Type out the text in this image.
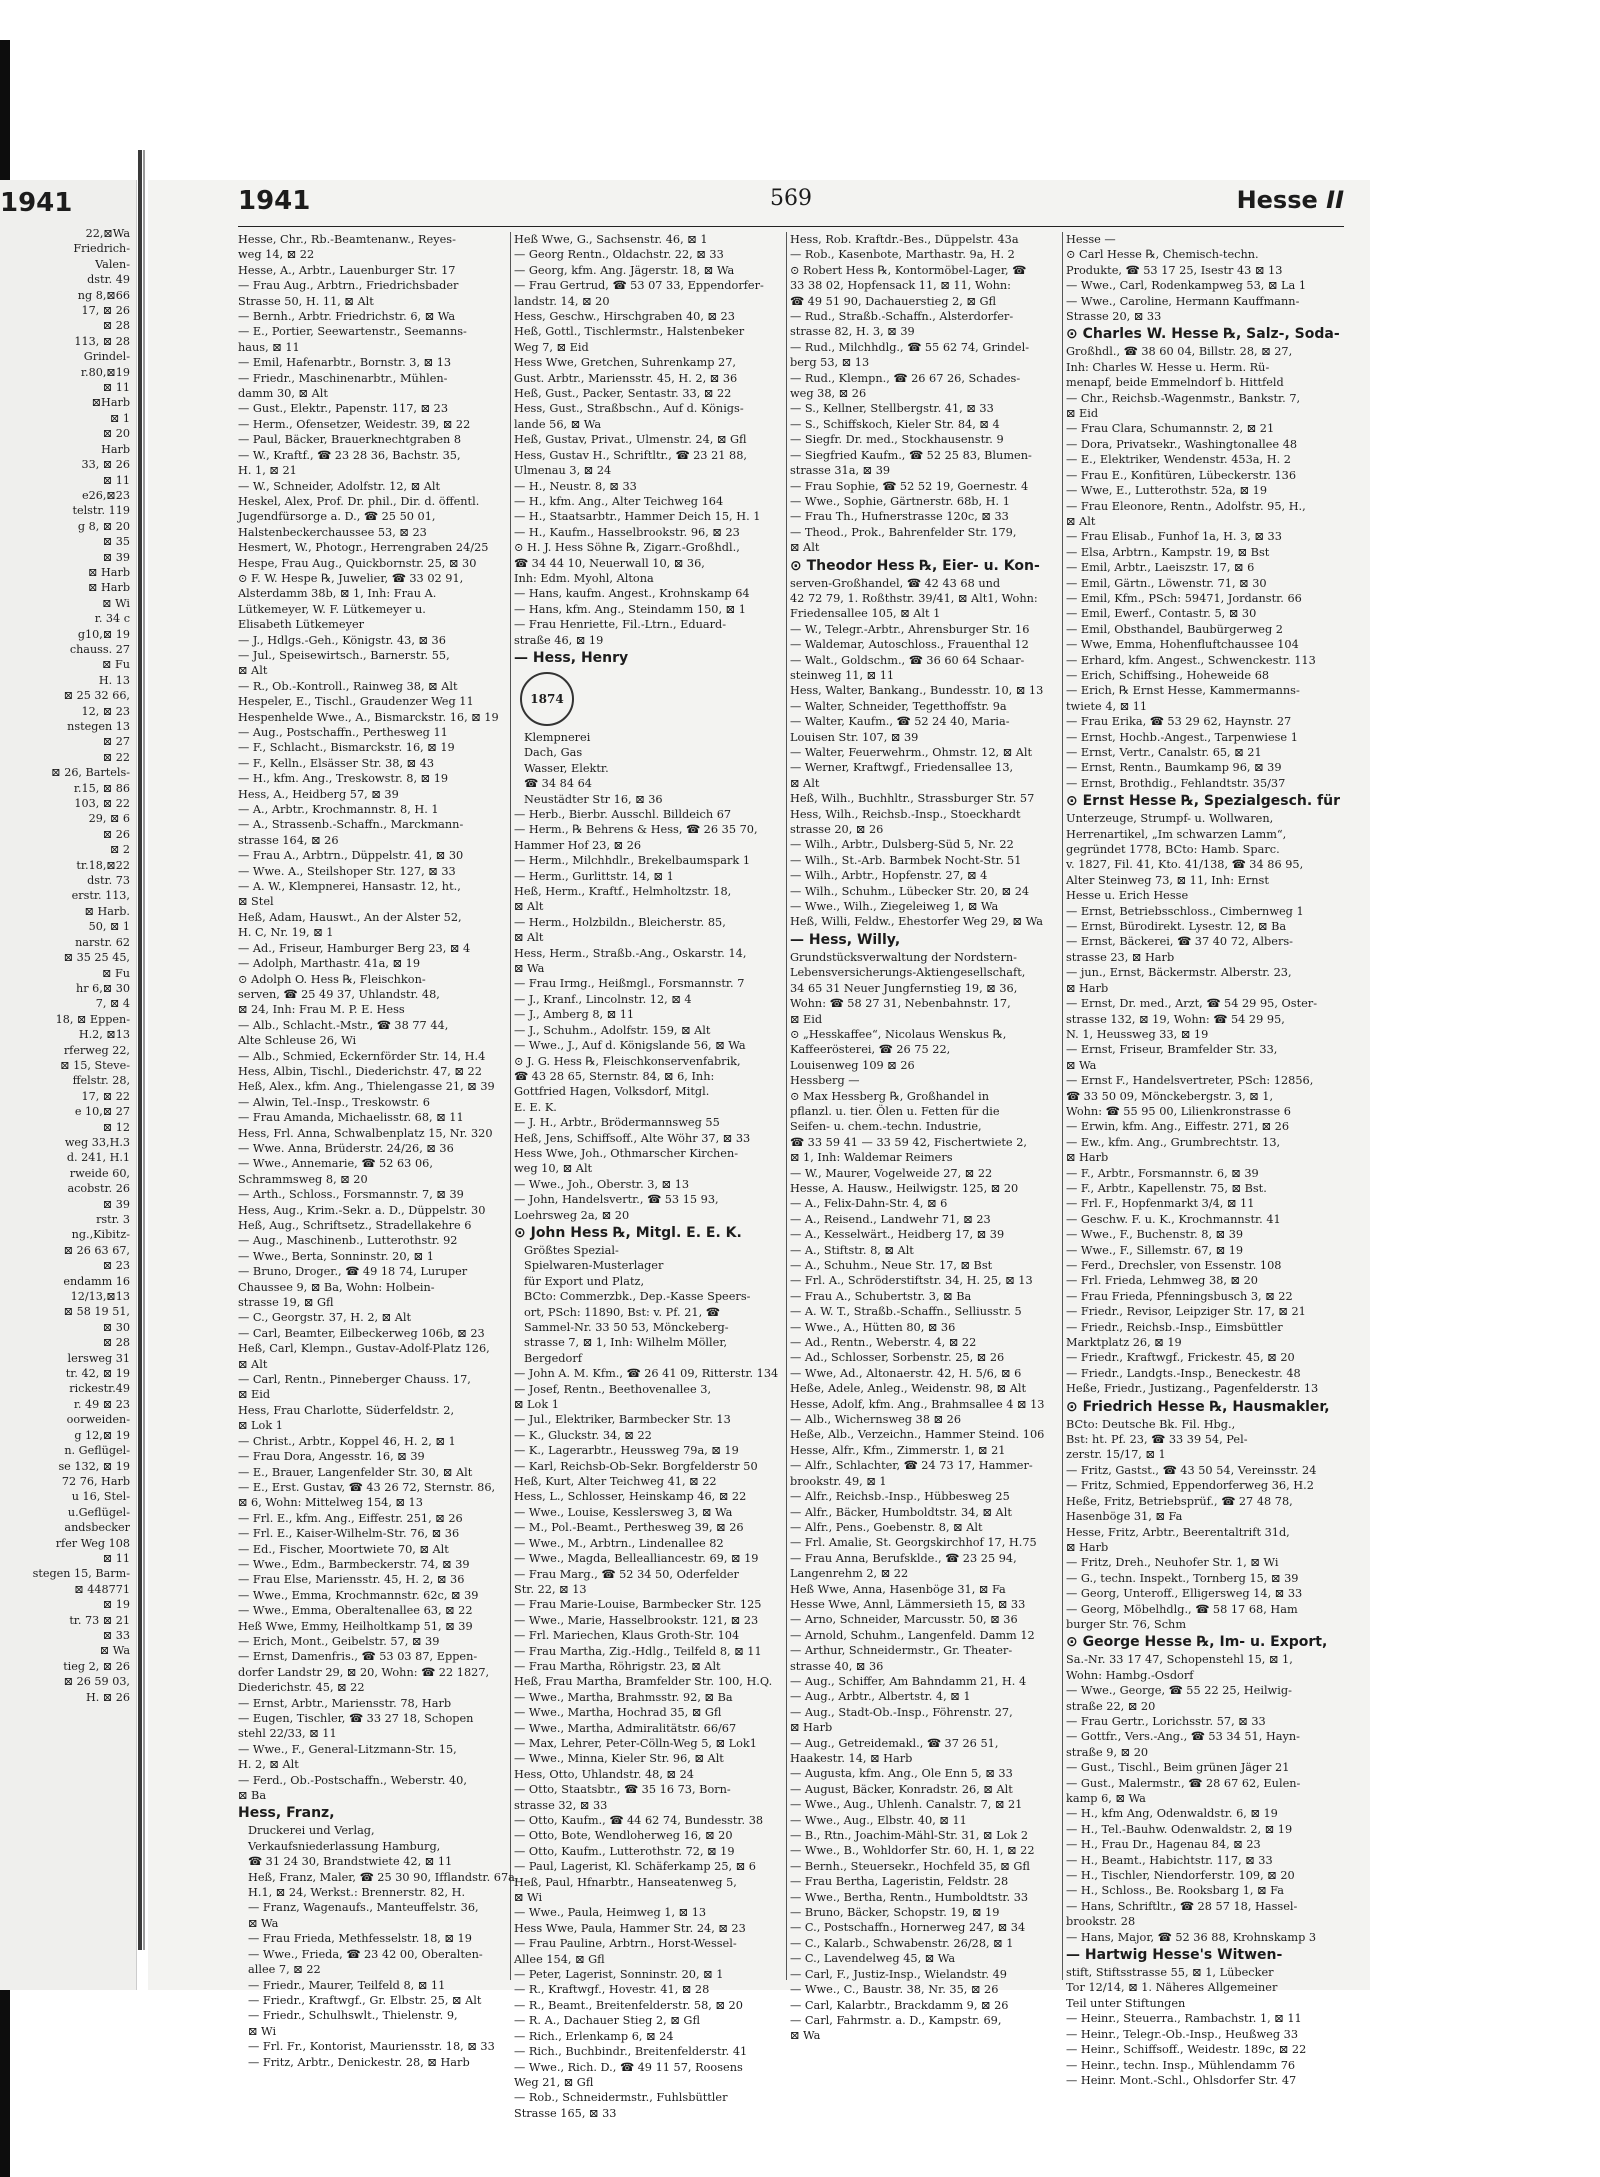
1941
22,⊠Wa
Friedrich-
Valen-
dstr. 49
ng 8,⊠66
17, ⊠ 26
⊠ 28
113, ⊠ 28
Grindel-
r.80,⊠19
⊠ 11
⊠Harb
⊠ 1
⊠ 20
Harb
33, ⊠ 26
⊠ 11
e26,⊠23
telstr. 119
g 8, ⊠ 20
⊠ 35
⊠ 39
⊠ Harb
⊠ Harb
⊠ Wi
r. 34 c
g10,⊠ 19
chauss. 27
⊠ Fu
H. 13
⊠ 25 32 66,
12, ⊠ 23
nstegen 13
⊠ 27
⊠ 22
⊠ 26, Bartels-
r.15, ⊠ 86
103, ⊠ 22
29, ⊠ 6
⊠ 26
⊠ 2
tr.18,⊠22
dstr. 73
erstr. 113,
⊠ Harb.
50, ⊠ 1
narstr. 62
⊠ 35 25 45,
⊠ Fu
hr 6,⊠ 30
7, ⊠ 4
18, ⊠ Eppen-
H.2, ⊠13
rferweg 22,
⊠ 15, Steve-
ffelstr. 28,
17, ⊠ 22
e 10,⊠ 27
⊠ 12
weg 33,H.3
d. 241, H.1
rweide 60,
acobstr. 26
⊠ 39
rstr. 3
ng.,Kibitz-
⊠ 26 63 67,
⊠ 23
endamm 16
12/13,⊠13
⊠ 58 19 51,
⊠ 30
⊠ 28
lersweg 31
tr. 42, ⊠ 19
rickestr.49
r. 49 ⊠ 23
oorweiden-
g 12,⊠ 19
n. Geflügel-
se 132, ⊠ 19
72 76, Harb
u 16, Stel-
u.Geflügel-
andsbecker
rfer Weg 108
⊠ 11
stegen 15, Barm-
⊠ 448771
⊠ 19
tr. 73 ⊠ 21
⊠ 33
⊠ Wa
tieg 2, ⊠ 26
⊠ 26 59 03,
H. ⊠ 26
1941	569	Hesse II
Hesse, Chr., Rb.-Beamtenanw., Reyes-
weg 14, ⊠ 22
Hesse, A., Arbtr., Lauenburger Str. 17
— Frau Aug., Arbtrn., Friedrichsbader
Strasse 50, H. 11, ⊠ Alt
— Bernh., Arbtr. Friedrichstr. 6, ⊠ Wa
— E., Portier, Seewartenstr., Seemanns-
haus, ⊠ 11
— Emil, Hafenarbtr., Bornstr. 3, ⊠ 13
— Friedr., Maschinenarbtr., Mühlen-
damm 30, ⊠ Alt
— Gust., Elektr., Papenstr. 117, ⊠ 23
— Herm., Ofensetzer, Weidestr. 39, ⊠ 22
— Paul, Bäcker, Brauerknechtgraben 8
— W., Kraftf., ☎ 23 28 36, Bachstr. 35,
H. 1, ⊠ 21
— W., Schneider, Adolfstr. 12, ⊠ Alt
Heskel, Alex, Prof. Dr. phil., Dir. d. öffentl.
Jugendfürsorge a. D., ☎ 25 50 01,
Halstenbeckerchaussee 53, ⊠ 23
Hesmert, W., Photogr., Herrengraben 24/25
Hespe, Frau Aug., Quickbornstr. 25, ⊠ 30
⊙ F. W. Hespe ℞, Juwelier, ☎ 33 02 91,
Alsterdamm 38b, ⊠ 1, Inh: Frau A.
Lütkemeyer, W. F. Lütkemeyer u.
Elisabeth Lütkemeyer
— J., Hdlgs.-Geh., Königstr. 43, ⊠ 36
— Jul., Speisewirtsch., Barnerstr. 55,
⊠ Alt
— R., Ob.-Kontroll., Rainweg 38, ⊠ Alt
Hespeler, E., Tischl., Graudenzer Weg 11
Hespenhelde Wwe., A., Bismarckstr. 16, ⊠ 19
— Aug., Postschaffn., Perthesweg 11
— F., Schlacht., Bismarckstr. 16, ⊠ 19
— F., Kelln., Elsässer Str. 38, ⊠ 43
— H., kfm. Ang., Treskowstr. 8, ⊠ 19
Hess, A., Heidberg 57, ⊠ 39
— A., Arbtr., Krochmannstr. 8, H. 1
— A., Strassenb.-Schaffn., Marckmann-
strasse 164, ⊠ 26
— Frau A., Arbtrn., Düppelstr. 41, ⊠ 30
— Wwe. A., Steilshoper Str. 127, ⊠ 33
— A. W., Klempnerei, Hansastr. 12, ht.,
⊠ Stel
Heß, Adam, Hauswt., An der Alster 52,
H. C, Nr. 19, ⊠ 1
— Ad., Friseur, Hamburger Berg 23, ⊠ 4
— Adolph, Marthastr. 41a, ⊠ 19
⊙ Adolph O. Hess ℞, Fleischkon-
serven, ☎ 25 49 37, Uhlandstr. 48,
⊠ 24, Inh: Frau M. P. E. Hess
— Alb., Schlacht.-Mstr., ☎ 38 77 44,
Alte Schleuse 26, Wi
— Alb., Schmied, Eckernförder Str. 14, H.4
Hess, Albin, Tischl., Diederichstr. 47, ⊠ 22
Heß, Alex., kfm. Ang., Thielengasse 21, ⊠ 39
— Alwin, Tel.-Insp., Treskowstr. 6
— Frau Amanda, Michaelisstr. 68, ⊠ 11
Hess, Frl. Anna, Schwalbenplatz 15, Nr. 320
— Wwe. Anna, Brüderstr. 24/26, ⊠ 36
— Wwe., Annemarie, ☎ 52 63 06,
Schrammsweg 8, ⊠ 20
— Arth., Schloss., Forsmannstr. 7, ⊠ 39
Hess, Aug., Krim.-Sekr. a. D., Düppelstr. 30
Heß, Aug., Schriftsetz., Stradellakehre 6
— Aug., Maschinenb., Lutterothstr. 92
— Wwe., Berta, Sonninstr. 20, ⊠ 1
— Bruno, Droger., ☎ 49 18 74, Luruper
Chaussee 9, ⊠ Ba, Wohn: Holbein-
strasse 19, ⊠ Gfl
— C., Georgstr. 37, H. 2, ⊠ Alt
— Carl, Beamter, Eilbeckerweg 106b, ⊠ 23
Heß, Carl, Klempn., Gustav-Adolf-Platz 126,
⊠ Alt
— Carl, Rentn., Pinneberger Chauss. 17,
⊠ Eid
Hess, Frau Charlotte, Süderfeldstr. 2,
⊠ Lok 1
— Christ., Arbtr., Koppel 46, H. 2, ⊠ 1
— Frau Dora, Angesstr. 16, ⊠ 39
— E., Brauer, Langenfelder Str. 30, ⊠ Alt
— E., Erst. Gustav, ☎ 43 26 72, Sternstr. 86,
⊠ 6, Wohn: Mittelweg 154, ⊠ 13
— Frl. E., kfm. Ang., Eiffestr. 251, ⊠ 26
— Frl. E., Kaiser-Wilhelm-Str. 76, ⊠ 36
— Ed., Fischer, Moortwiete 70, ⊠ Alt
— Wwe., Edm., Barmbeckerstr. 74, ⊠ 39
— Frau Else, Mariensstr. 45, H. 2, ⊠ 36
— Wwe., Emma, Krochmannstr. 62c, ⊠ 39
— Wwe., Emma, Oberaltenallee 63, ⊠ 22
Heß Wwe, Emmy, Heilholtkamp 51, ⊠ 39
— Erich, Mont., Geibelstr. 57, ⊠ 39
— Ernst, Damenfris., ☎ 53 03 87, Eppen-
dorfer Landstr 29, ⊠ 20, Wohn: ☎ 22 1827,
Diederichstr. 45, ⊠ 22
— Ernst, Arbtr., Mariensstr. 78, Harb
— Eugen, Tischler, ☎ 33 27 18, Schopen
stehl 22/33, ⊠ 11
— Wwe., F., General-Litzmann-Str. 15,
H. 2, ⊠ Alt
— Ferd., Ob.-Postschaffn., Weberstr. 40,
⊠ Ba
Hess, Franz,
Druckerei und Verlag,
Verkaufsniederlassung Hamburg,
☎ 31 24 30, Brandstwiete 42, ⊠ 11
Heß, Franz, Maler, ☎ 25 30 90, Ifflandstr. 67a,
H.1, ⊠ 24, Werkst.: Brennerstr. 82, H.
— Franz, Wagenaufs., Manteuffelstr. 36,
⊠ Wa
— Frau Frieda, Methfesselstr. 18, ⊠ 19
— Wwe., Frieda, ☎ 23 42 00, Oberalten-
allee 7, ⊠ 22
— Friedr., Maurer, Teilfeld 8, ⊠ 11
— Friedr., Kraftwgf., Gr. Elbstr. 25, ⊠ Alt
— Friedr., Schulhswlt., Thielenstr. 9,
⊠ Wi
— Frl. Fr., Kontorist, Mauriensstr. 18, ⊠ 33
— Fritz, Arbtr., Denickestr. 28, ⊠ Harb
Heß Wwe, G., Sachsenstr. 46, ⊠ 1
— Georg Rentn., Oldachstr. 22, ⊠ 33
— Georg, kfm. Ang. Jägerstr. 18, ⊠ Wa
— Frau Gertrud, ☎ 53 07 33, Eppendorfer-
landstr. 14, ⊠ 20
Hess, Geschw., Hirschgraben 40, ⊠ 23
Heß, Gottl., Tischlermstr., Halstenbeker
Weg 7, ⊠ Eid
Hess Wwe, Gretchen, Suhrenkamp 27,
Gust. Arbtr., Mariensstr. 45, H. 2, ⊠ 36
Heß, Gust., Packer, Sentastr. 33, ⊠ 22
Hess, Gust., Straßbschn., Auf d. Königs-
lande 56, ⊠ Wa
Heß, Gustav, Privat., Ulmenstr. 24, ⊠ Gfl
Hess, Gustav H., Schriftltr., ☎ 23 21 88,
Ulmenau 3, ⊠ 24
— H., Neustr. 8, ⊠ 33
— H., kfm. Ang., Alter Teichweg 164
— H., Staatsarbtr., Hammer Deich 15, H. 1
— H., Kaufm., Hasselbrookstr. 96, ⊠ 23
⊙ H. J. Hess Söhne ℞, Zigarr.-Großhdl.,
☎ 34 44 10, Neuerwall 10, ⊠ 36,
Inh: Edm. Myohl, Altona
— Hans, kaufm. Angest., Krohnskamp 64
— Hans, kfm. Ang., Steindamm 150, ⊠ 1
— Frau Henriette, Fil.-Ltrn., Eduard-
straße 46, ⊠ 19
— Hess, Henry
1874
Klempnerei
Dach, Gas
Wasser, Elektr.
☎ 34 84 64
Neustädter Str 16, ⊠ 36
— Herb., Bierbr. Ausschl. Billdeich 67
— Herm., ℞ Behrens & Hess, ☎ 26 35 70,
Hammer Hof 23, ⊠ 26
— Herm., Milchhdlr., Brekelbaumspark 1
— Herm., Gurlittstr. 14, ⊠ 1
Heß, Herm., Kraftf., Helmholtzstr. 18,
⊠ Alt
— Herm., Holzbildn., Bleicherstr. 85,
⊠ Alt
Hess, Herm., Straßb.-Ang., Oskarstr. 14,
⊠ Wa
— Frau Irmg., Heißmgl., Forsmannstr. 7
— J., Kranf., Lincolnstr. 12, ⊠ 4
— J., Amberg 8, ⊠ 11
— J., Schuhm., Adolfstr. 159, ⊠ Alt
— Wwe., J., Auf d. Königslande 56, ⊠ Wa
⊙ J. G. Hess ℞, Fleischkonservenfabrik,
☎ 43 28 65, Sternstr. 84, ⊠ 6, Inh:
Gottfried Hagen, Volksdorf, Mitgl.
E. E. K.
— J. H., Arbtr., Brödermannsweg 55
Heß, Jens, Schiffsoff., Alte Wöhr 37, ⊠ 33
Hess Wwe, Joh., Othmarscher Kirchen-
weg 10, ⊠ Alt
— Wwe., Joh., Oberstr. 3, ⊠ 13
— John, Handelsvertr., ☎ 53 15 93,
Loehrsweg 2a, ⊠ 20
⊙ John Hess ℞, Mitgl. E. E. K.
Größtes Spezial-
Spielwaren-Musterlager
für Export und Platz,
BCto: Commerzbk., Dep.-Kasse Speers-
ort, PSch: 11890, Bst: v. Pf. 21, ☎
Sammel-Nr. 33 50 53, Mönckeberg-
strasse 7, ⊠ 1, Inh: Wilhelm Möller,
Bergedorf
— John A. M. Kfm., ☎ 26 41 09, Ritterstr. 134
— Josef, Rentn., Beethovenallee 3,
⊠ Lok 1
— Jul., Elektriker, Barmbecker Str. 13
— K., Gluckstr. 34, ⊠ 22
— K., Lagerarbtr., Heussweg 79a, ⊠ 19
— Karl, Reichsb-Ob-Sekr. Borgfelderstr 50
Heß, Kurt, Alter Teichweg 41, ⊠ 22
Hess, L., Schlosser, Heinskamp 46, ⊠ 22
— Wwe., Louise, Kesslersweg 3, ⊠ Wa
— M., Pol.-Beamt., Perthesweg 39, ⊠ 26
— Wwe., M., Arbtrn., Lindenallee 82
— Wwe., Magda, Bellealliancestr. 69, ⊠ 19
— Frau Marg., ☎ 52 34 50, Oderfelder
Str. 22, ⊠ 13
— Frau Marie-Louise, Barmbecker Str. 125
— Wwe., Marie, Hasselbrookstr. 121, ⊠ 23
— Frl. Mariechen, Klaus Groth-Str. 104
— Frau Martha, Zig.-Hdlg., Teilfeld 8, ⊠ 11
— Frau Martha, Röhrigstr. 23, ⊠ Alt
Heß, Frau Martha, Bramfelder Str. 100, H.Q.
— Wwe., Martha, Brahmsstr. 92, ⊠ Ba
— Wwe., Martha, Hochrad 35, ⊠ Gfl
— Wwe., Martha, Admiralitätstr. 66/67
— Max, Lehrer, Peter-Cölln-Weg 5, ⊠ Lok1
— Wwe., Minna, Kieler Str. 96, ⊠ Alt
Hess, Otto, Uhlandstr. 48, ⊠ 24
— Otto, Staatsbtr., ☎ 35 16 73, Born-
strasse 32, ⊠ 33
— Otto, Kaufm., ☎ 44 62 74, Bundesstr. 38
— Otto, Bote, Wendloherweg 16, ⊠ 20
— Otto, Kaufm., Lutterothstr. 72, ⊠ 19
— Paul, Lagerist, Kl. Schäferkamp 25, ⊠ 6
Heß, Paul, Hfnarbtr., Hanseatenweg 5,
⊠ Wi
— Wwe., Paula, Heimweg 1, ⊠ 13
Hess Wwe, Paula, Hammer Str. 24, ⊠ 23
— Frau Pauline, Arbtrn., Horst-Wessel-
Allee 154, ⊠ Gfl
— Peter, Lagerist, Sonninstr. 20, ⊠ 1
— R., Kraftwgf., Hovestr. 41, ⊠ 28
— R., Beamt., Breitenfelderstr. 58, ⊠ 20
— R. A., Dachauer Stieg 2, ⊠ Gfl
— Rich., Erlenkamp 6, ⊠ 24
— Rich., Buchbindr., Breitenfelderstr. 41
— Wwe., Rich. D., ☎ 49 11 57, Roosens
Weg 21, ⊠ Gfl
— Rob., Schneidermstr., Fuhlsbüttler
Strasse 165, ⊠ 33
Hess, Rob. Kraftdr.-Bes., Düppelstr. 43a
— Rob., Kasenbote, Marthastr. 9a, H. 2
⊙ Robert Hess ℞, Kontormöbel-Lager, ☎
33 38 02, Hopfensack 11, ⊠ 11, Wohn:
☎ 49 51 90, Dachauerstieg 2, ⊠ Gfl
— Rud., Straßb.-Schaffn., Alsterdorfer-
strasse 82, H. 3, ⊠ 39
— Rud., Milchhdlg., ☎ 55 62 74, Grindel-
berg 53, ⊠ 13
— Rud., Klempn., ☎ 26 67 26, Schades-
weg 38, ⊠ 26
— S., Kellner, Stellbergstr. 41, ⊠ 33
— S., Schiffskoch, Kieler Str. 84, ⊠ 4
— Siegfr. Dr. med., Stockhausenstr. 9
— Siegfried Kaufm., ☎ 52 25 83, Blumen-
strasse 31a, ⊠ 39
— Frau Sophie, ☎ 52 52 19, Goernestr. 4
— Wwe., Sophie, Gärtnerstr. 68b, H. 1
— Frau Th., Hufnerstrasse 120c, ⊠ 33
— Theod., Prok., Bahrenfelder Str. 179,
⊠ Alt
⊙ Theodor Hess ℞, Eier- u. Kon-
serven-Großhandel, ☎ 42 43 68 und
42 72 79, 1. Roßthstr. 39/41, ⊠ Alt1, Wohn:
Friedensallee 105, ⊠ Alt 1
— W., Telegr.-Arbtr., Ahrensburger Str. 16
— Waldemar, Autoschloss., Frauenthal 12
— Walt., Goldschm., ☎ 36 60 64 Schaar-
steinweg 11, ⊠ 11
Hess, Walter, Bankang., Bundesstr. 10, ⊠ 13
— Walter, Schneider, Tegetthoffstr. 9a
— Walter, Kaufm., ☎ 52 24 40, Maria-
Louisen Str. 107, ⊠ 39
— Walter, Feuerwehrm., Ohmstr. 12, ⊠ Alt
— Werner, Kraftwgf., Friedensallee 13,
⊠ Alt
Heß, Wilh., Buchhltr., Strassburger Str. 57
Hess, Wilh., Reichsb.-Insp., Stoeckhardt
strasse 20, ⊠ 26
— Wilh., Arbtr., Dulsberg-Süd 5, Nr. 22
— Wilh., St.-Arb. Barmbek Nocht-Str. 51
— Wilh., Arbtr., Hopfenstr. 27, ⊠ 4
— Wilh., Schuhm., Lübecker Str. 20, ⊠ 24
— Wwe., Wilh., Ziegeleiweg 1, ⊠ Wa
Heß, Willi, Feldw., Ehestorfer Weg 29, ⊠ Wa
— Hess, Willy,
Grundstücksverwaltung der Nordstern-
Lebensversicherungs-Aktiengesellschaft,
34 65 31 Neuer Jungfernstieg 19, ⊠ 36,
Wohn: ☎ 58 27 31, Nebenbahnstr. 17,
⊠ Eid
⊙ „Hesskaffee“, Nicolaus Wenskus ℞,
Kaffeerösterei, ☎ 26 75 22,
Louisenweg 109 ⊠ 26
Hessberg —
⊙ Max Hessberg ℞, Großhandel in
pflanzl. u. tier. Ölen u. Fetten für die
Seifen- u. chem.-techn. Industrie,
☎ 33 59 41 — 33 59 42, Fischertwiete 2,
⊠ 1, Inh: Waldemar Reimers
— W., Maurer, Vogelweide 27, ⊠ 22
Hesse, A. Hausw., Heilwigstr. 125, ⊠ 20
— A., Felix-Dahn-Str. 4, ⊠ 6
— A., Reisend., Landwehr 71, ⊠ 23
— A., Kesselwärt., Heidberg 17, ⊠ 39
— A., Stiftstr. 8, ⊠ Alt
— A., Schuhm., Neue Str. 17, ⊠ Bst
— Frl. A., Schröderstiftstr. 34, H. 25, ⊠ 13
— Frau A., Schubertstr. 3, ⊠ Ba
— A. W. T., Straßb.-Schaffn., Selliusstr. 5
— Wwe., A., Hütten 80, ⊠ 36
— Ad., Rentn., Weberstr. 4, ⊠ 22
— Ad., Schlosser, Sorbenstr. 25, ⊠ 26
— Wwe, Ad., Altonaerstr. 42, H. 5/6, ⊠ 6
Heße, Adele, Anleg., Weidenstr. 98, ⊠ Alt
Hesse, Adolf, kfm. Ang., Brahmsallee 4 ⊠ 13
— Alb., Wichernsweg 38 ⊠ 26
Heße, Alb., Verzeichn., Hammer Steind. 106
Hesse, Alfr., Kfm., Zimmerstr. 1, ⊠ 21
— Alfr., Schlachter, ☎ 24 73 17, Hammer-
brookstr. 49, ⊠ 1
— Alfr., Reichsb.-Insp., Hübbesweg 25
— Alfr., Bäcker, Humboldtstr. 34, ⊠ Alt
— Alfr., Pens., Goebenstr. 8, ⊠ Alt
— Frl. Amalie, St. Georgskirchhof 17, H.75
— Frau Anna, Berufsklde., ☎ 23 25 94,
Langenrehm 2, ⊠ 22
Heß Wwe, Anna, Hasenböge 31, ⊠ Fa
Hesse Wwe, Annl, Lämmersieth 15, ⊠ 33
— Arno, Schneider, Marcusstr. 50, ⊠ 36
— Arnold, Schuhm., Langenfeld. Damm 12
— Arthur, Schneidermstr., Gr. Theater-
strasse 40, ⊠ 36
— Aug., Schiffer, Am Bahndamm 21, H. 4
— Aug., Arbtr., Albertstr. 4, ⊠ 1
— Aug., Stadt-Ob.-Insp., Föhrenstr. 27,
⊠ Harb
— Aug., Getreidemakl., ☎ 37 26 51,
Haakestr. 14, ⊠ Harb
— Augusta, kfm. Ang., Ole Enn 5, ⊠ 33
— August, Bäcker, Konradstr. 26, ⊠ Alt
— Wwe., Aug., Uhlenh. Canalstr. 7, ⊠ 21
— Wwe., Aug., Elbstr. 40, ⊠ 11
— B., Rtn., Joachim-Mähl-Str. 31, ⊠ Lok 2
— Wwe., B., Wohldorfer Str. 60, H. 1, ⊠ 22
— Bernh., Steuersekr., Hochfeld 35, ⊠ Gfl
— Frau Bertha, Lageristin, Feldstr. 28
— Wwe., Bertha, Rentn., Humboldtstr. 33
— Bruno, Bäcker, Schopstr. 19, ⊠ 19
— C., Postschaffn., Hornerweg 247, ⊠ 34
— C., Kalarb., Schwabenstr. 26/28, ⊠ 1
— C., Lavendelweg 45, ⊠ Wa
— Carl, F., Justiz-Insp., Wielandstr. 49
— Wwe., C., Baustr. 38, Nr. 35, ⊠ 26
— Carl, Kalarbtr., Brackdamm 9, ⊠ 26
— Carl, Fahrmstr. a. D., Kampstr. 69,
⊠ Wa
Hesse —
⊙ Carl Hesse ℞, Chemisch-techn.
Produkte, ☎ 53 17 25, Isestr 43 ⊠ 13
— Wwe., Carl, Rodenkampweg 53, ⊠ La 1
— Wwe., Caroline, Hermann Kauffmann-
Strasse 20, ⊠ 33
⊙ Charles W. Hesse ℞, Salz-, Soda-
Großhdl., ☎ 38 60 04, Billstr. 28, ⊠ 27,
Inh: Charles W. Hesse u. Herm. Rü-
menapf, beide Emmelndorf b. Hittfeld
— Chr., Reichsb.-Wagenmstr., Bankstr. 7,
⊠ Eid
— Frau Clara, Schumannstr. 2, ⊠ 21
— Dora, Privatsekr., Washingtonallee 48
— E., Elektriker, Wendenstr. 453a, H. 2
— Frau E., Konfitüren, Lübeckerstr. 136
— Wwe, E., Lutterothstr. 52a, ⊠ 19
— Frau Eleonore, Rentn., Adolfstr. 95, H.,
⊠ Alt
— Frau Elisab., Funhof 1a, H. 3, ⊠ 33
— Elsa, Arbtrn., Kampstr. 19, ⊠ Bst
— Emil, Arbtr., Laeiszstr. 17, ⊠ 6
— Emil, Gärtn., Löwenstr. 71, ⊠ 30
— Emil, Kfm., PSch: 59471, Jordanstr. 66
— Emil, Ewerf., Contastr. 5, ⊠ 30
— Emil, Obsthandel, Baubürgerweg 2
— Wwe, Emma, Hohenfluftchaussee 104
— Erhard, kfm. Angest., Schwenckestr. 113
— Erich, Schiffsing., Hoheweide 68
— Erich, ℞ Ernst Hesse, Kammermanns-
twiete 4, ⊠ 11
— Frau Erika, ☎ 53 29 62, Haynstr. 27
— Ernst, Hochb.-Angest., Tarpenwiese 1
— Ernst, Vertr., Canalstr. 65, ⊠ 21
— Ernst, Rentn., Baumkamp 96, ⊠ 39
— Ernst, Brothdig., Fehlandtstr. 35/37
⊙ Ernst Hesse ℞, Spezialgesch. für
Unterzeuge, Strumpf- u. Wollwaren,
Herrenartikel, „Im schwarzen Lamm“,
gegründet 1778, BCto: Hamb. Sparc.
v. 1827, Fil. 41, Kto. 41/138, ☎ 34 86 95,
Alter Steinweg 73, ⊠ 11, Inh: Ernst
Hesse u. Erich Hesse
— Ernst, Betriebsschloss., Cimbernweg 1
— Ernst, Bürodirekt. Lysestr. 12, ⊠ Ba
— Ernst, Bäckerei, ☎ 37 40 72, Albers-
strasse 23, ⊠ Harb
— jun., Ernst, Bäckermstr. Alberstr. 23,
⊠ Harb
— Ernst, Dr. med., Arzt, ☎ 54 29 95, Oster-
strasse 132, ⊠ 19, Wohn: ☎ 54 29 95,
N. 1, Heussweg 33, ⊠ 19
— Ernst, Friseur, Bramfelder Str. 33,
⊠ Wa
— Ernst F., Handelsvertreter, PSch: 12856,
☎ 33 50 09, Mönckebergstr. 3, ⊠ 1,
Wohn: ☎ 55 95 00, Lilienkronstrasse 6
— Erwin, kfm. Ang., Eiffestr. 271, ⊠ 26
— Ew., kfm. Ang., Grumbrechtstr. 13,
⊠ Harb
— F., Arbtr., Forsmannstr. 6, ⊠ 39
— F., Arbtr., Kapellenstr. 75, ⊠ Bst.
— Frl. F., Hopfenmarkt 3/4, ⊠ 11
— Geschw. F. u. K., Krochmannstr. 41
— Wwe., F., Buchenstr. 8, ⊠ 39
— Wwe., F., Sillemstr. 67, ⊠ 19
— Ferd., Drechsler, von Essenstr. 108
— Frl. Frieda, Lehmweg 38, ⊠ 20
— Frau Frieda, Pfenningsbusch 3, ⊠ 22
— Friedr., Revisor, Leipziger Str. 17, ⊠ 21
— Friedr., Reichsb.-Insp., Eimsbüttler
Marktplatz 26, ⊠ 19
— Friedr., Kraftwgf., Frickestr. 45, ⊠ 20
— Friedr., Landgts.-Insp., Beneckestr. 48
Heße, Friedr., Justizang., Pagenfelderstr. 13
⊙ Friedrich Hesse ℞, Hausmakler,
BCto: Deutsche Bk. Fil. Hbg.,
Bst: ht. Pf. 23, ☎ 33 39 54, Pel-
zerstr. 15/17, ⊠ 1
— Fritz, Gastst., ☎ 43 50 54, Vereinsstr. 24
— Fritz, Schmied, Eppendorferweg 36, H.2
Heße, Fritz, Betriebsprüf., ☎ 27 48 78,
Hasenböge 31, ⊠ Fa
Hesse, Fritz, Arbtr., Beerentaltrift 31d,
⊠ Harb
— Fritz, Dreh., Neuhofer Str. 1, ⊠ Wi
— G., techn. Inspekt., Tornberg 15, ⊠ 39
— Georg, Unteroff., Elligersweg 14, ⊠ 33
— Georg, Möbelhdlg., ☎ 58 17 68, Ham
burger Str. 76, Schm
⊙ George Hesse ℞, Im- u. Export,
Sa.-Nr. 33 17 47, Schopenstehl 15, ⊠ 1,
Wohn: Hambg.-Osdorf
— Wwe., George, ☎ 55 22 25, Heilwig-
straße 22, ⊠ 20
— Frau Gertr., Lorichsstr. 57, ⊠ 33
— Gottfr., Vers.-Ang., ☎ 53 34 51, Hayn-
straße 9, ⊠ 20
— Gust., Tischl., Beim grünen Jäger 21
— Gust., Malermstr., ☎ 28 67 62, Eulen-
kamp 6, ⊠ Wa
— H., kfm Ang, Odenwaldstr. 6, ⊠ 19
— H., Tel.-Bauhw. Odenwaldstr. 2, ⊠ 19
— H., Frau Dr., Hagenau 84, ⊠ 23
— H., Beamt., Habichtstr. 117, ⊠ 33
— H., Tischler, Niendorferstr. 109, ⊠ 20
— H., Schloss., Be. Rooksbarg 1, ⊠ Fa
— Hans, Schriftltr., ☎ 28 57 18, Hassel-
brookstr. 28
— Hans, Major, ☎ 52 36 88, Krohnskamp 3
— Hartwig Hesse's Witwen-
stift, Stiftsstrasse 55, ⊠ 1, Lübecker
Tor 12/14, ⊠ 1. Näheres Allgemeiner
Teil unter Stiftungen
— Heinr., Steuerra., Rambachstr. 1, ⊠ 11
— Heinr., Telegr.-Ob.-Insp., Heußweg 33
— Heinr., Schiffsoff., Weidestr. 189c, ⊠ 22
— Heinr., techn. Insp., Mühlendamm 76
— Heinr. Mont.-Schl., Ohlsdorfer Str. 47
